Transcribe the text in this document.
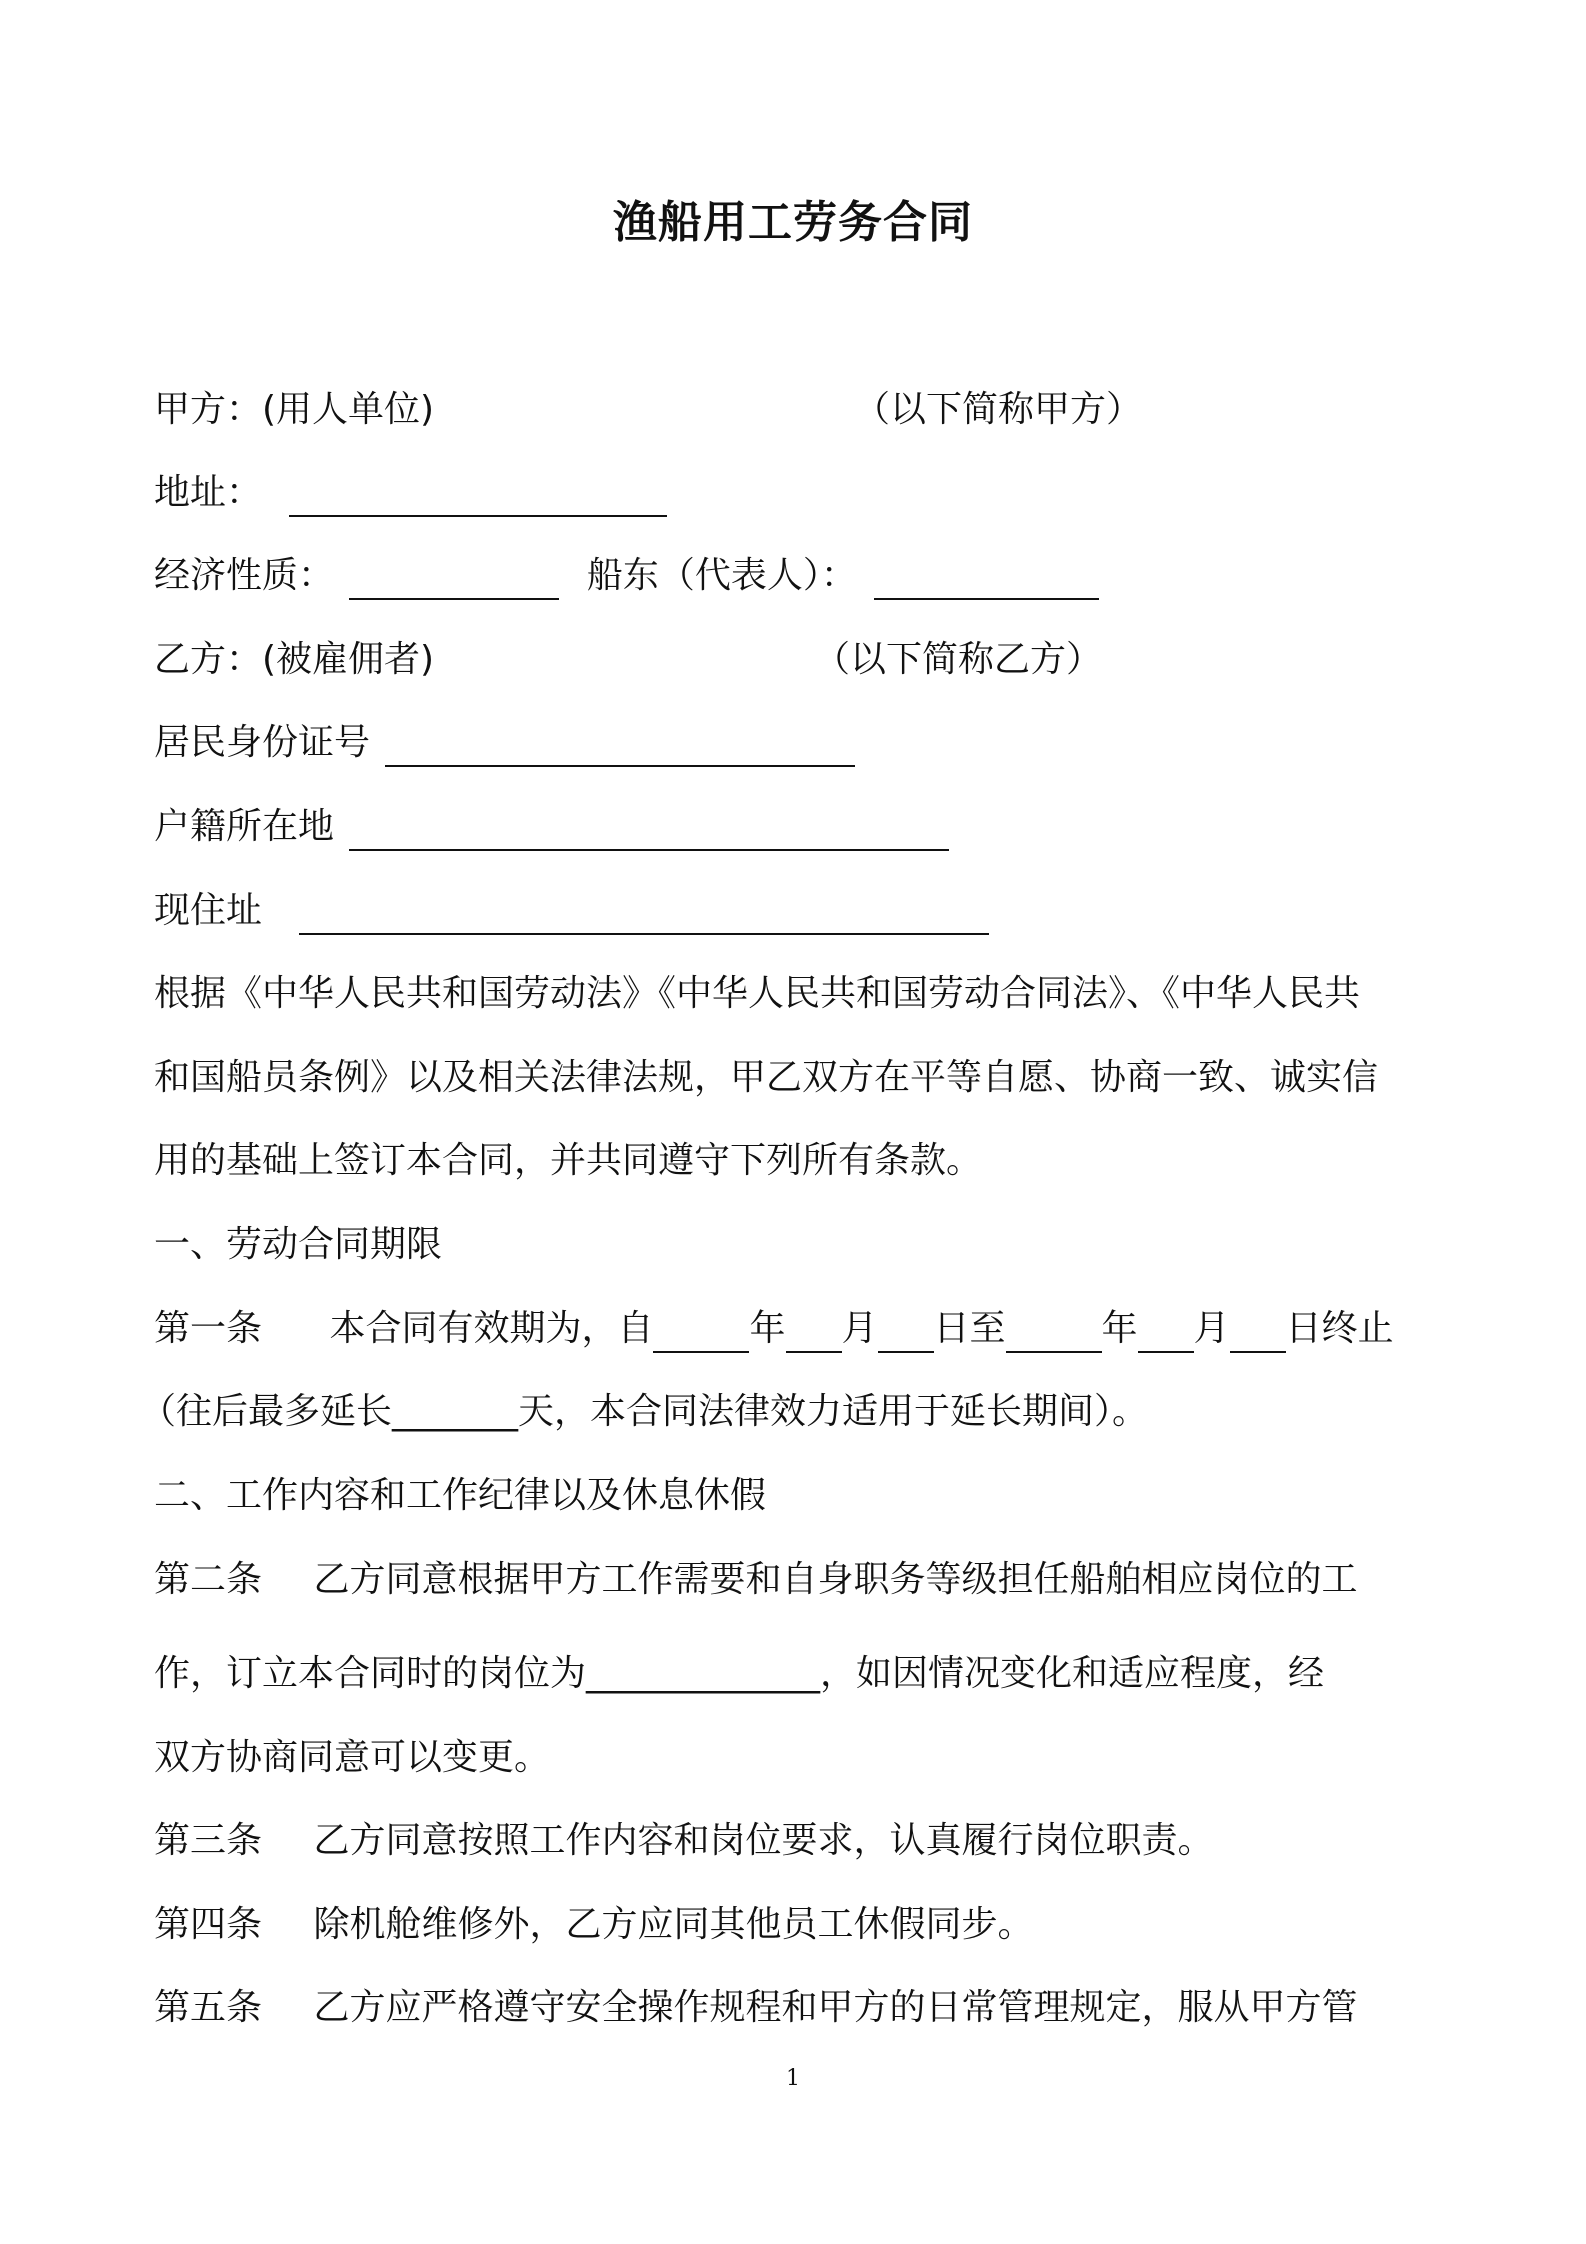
渔船用工劳务合同
甲方：(用人单位)	（以下简称甲方）
地址：
经济性质：	船东（代表人）：
乙方：(被雇佣者)	（以下简称乙方）
居民身份证号
户籍所在地
现住址
根据《中华人民共和国劳动法》《中华人民共和国劳动合同法》、《中华人民共
和国船员条例》以及相关法律法规，甲乙双方在平等自愿、协商一致、诚实信
用的基础上签订本合同，并共同遵守下列所有条款。
一、劳动合同期限
第一条 本合同有效期为，自	年 月 日至	年 月 日终止
（往后最多延长_______天，本合同法律效力适用于延长期间）。
二、工作内容和工作纪律以及休息休假
第二条 乙方同意根据甲方工作需要和自身职务等级担任船舶相应岗位的工
作，订立本合同时的岗位为_____________，如因情况变化和适应程度，经
双方协商同意可以变更。
第三条 乙方同意按照工作内容和岗位要求，认真履行岗位职责。
第四条 除机舱维修外，乙方应同其他员工休假同步。
第五条 乙方应严格遵守安全操作规程和甲方的日常管理规定，服从甲方管
1
